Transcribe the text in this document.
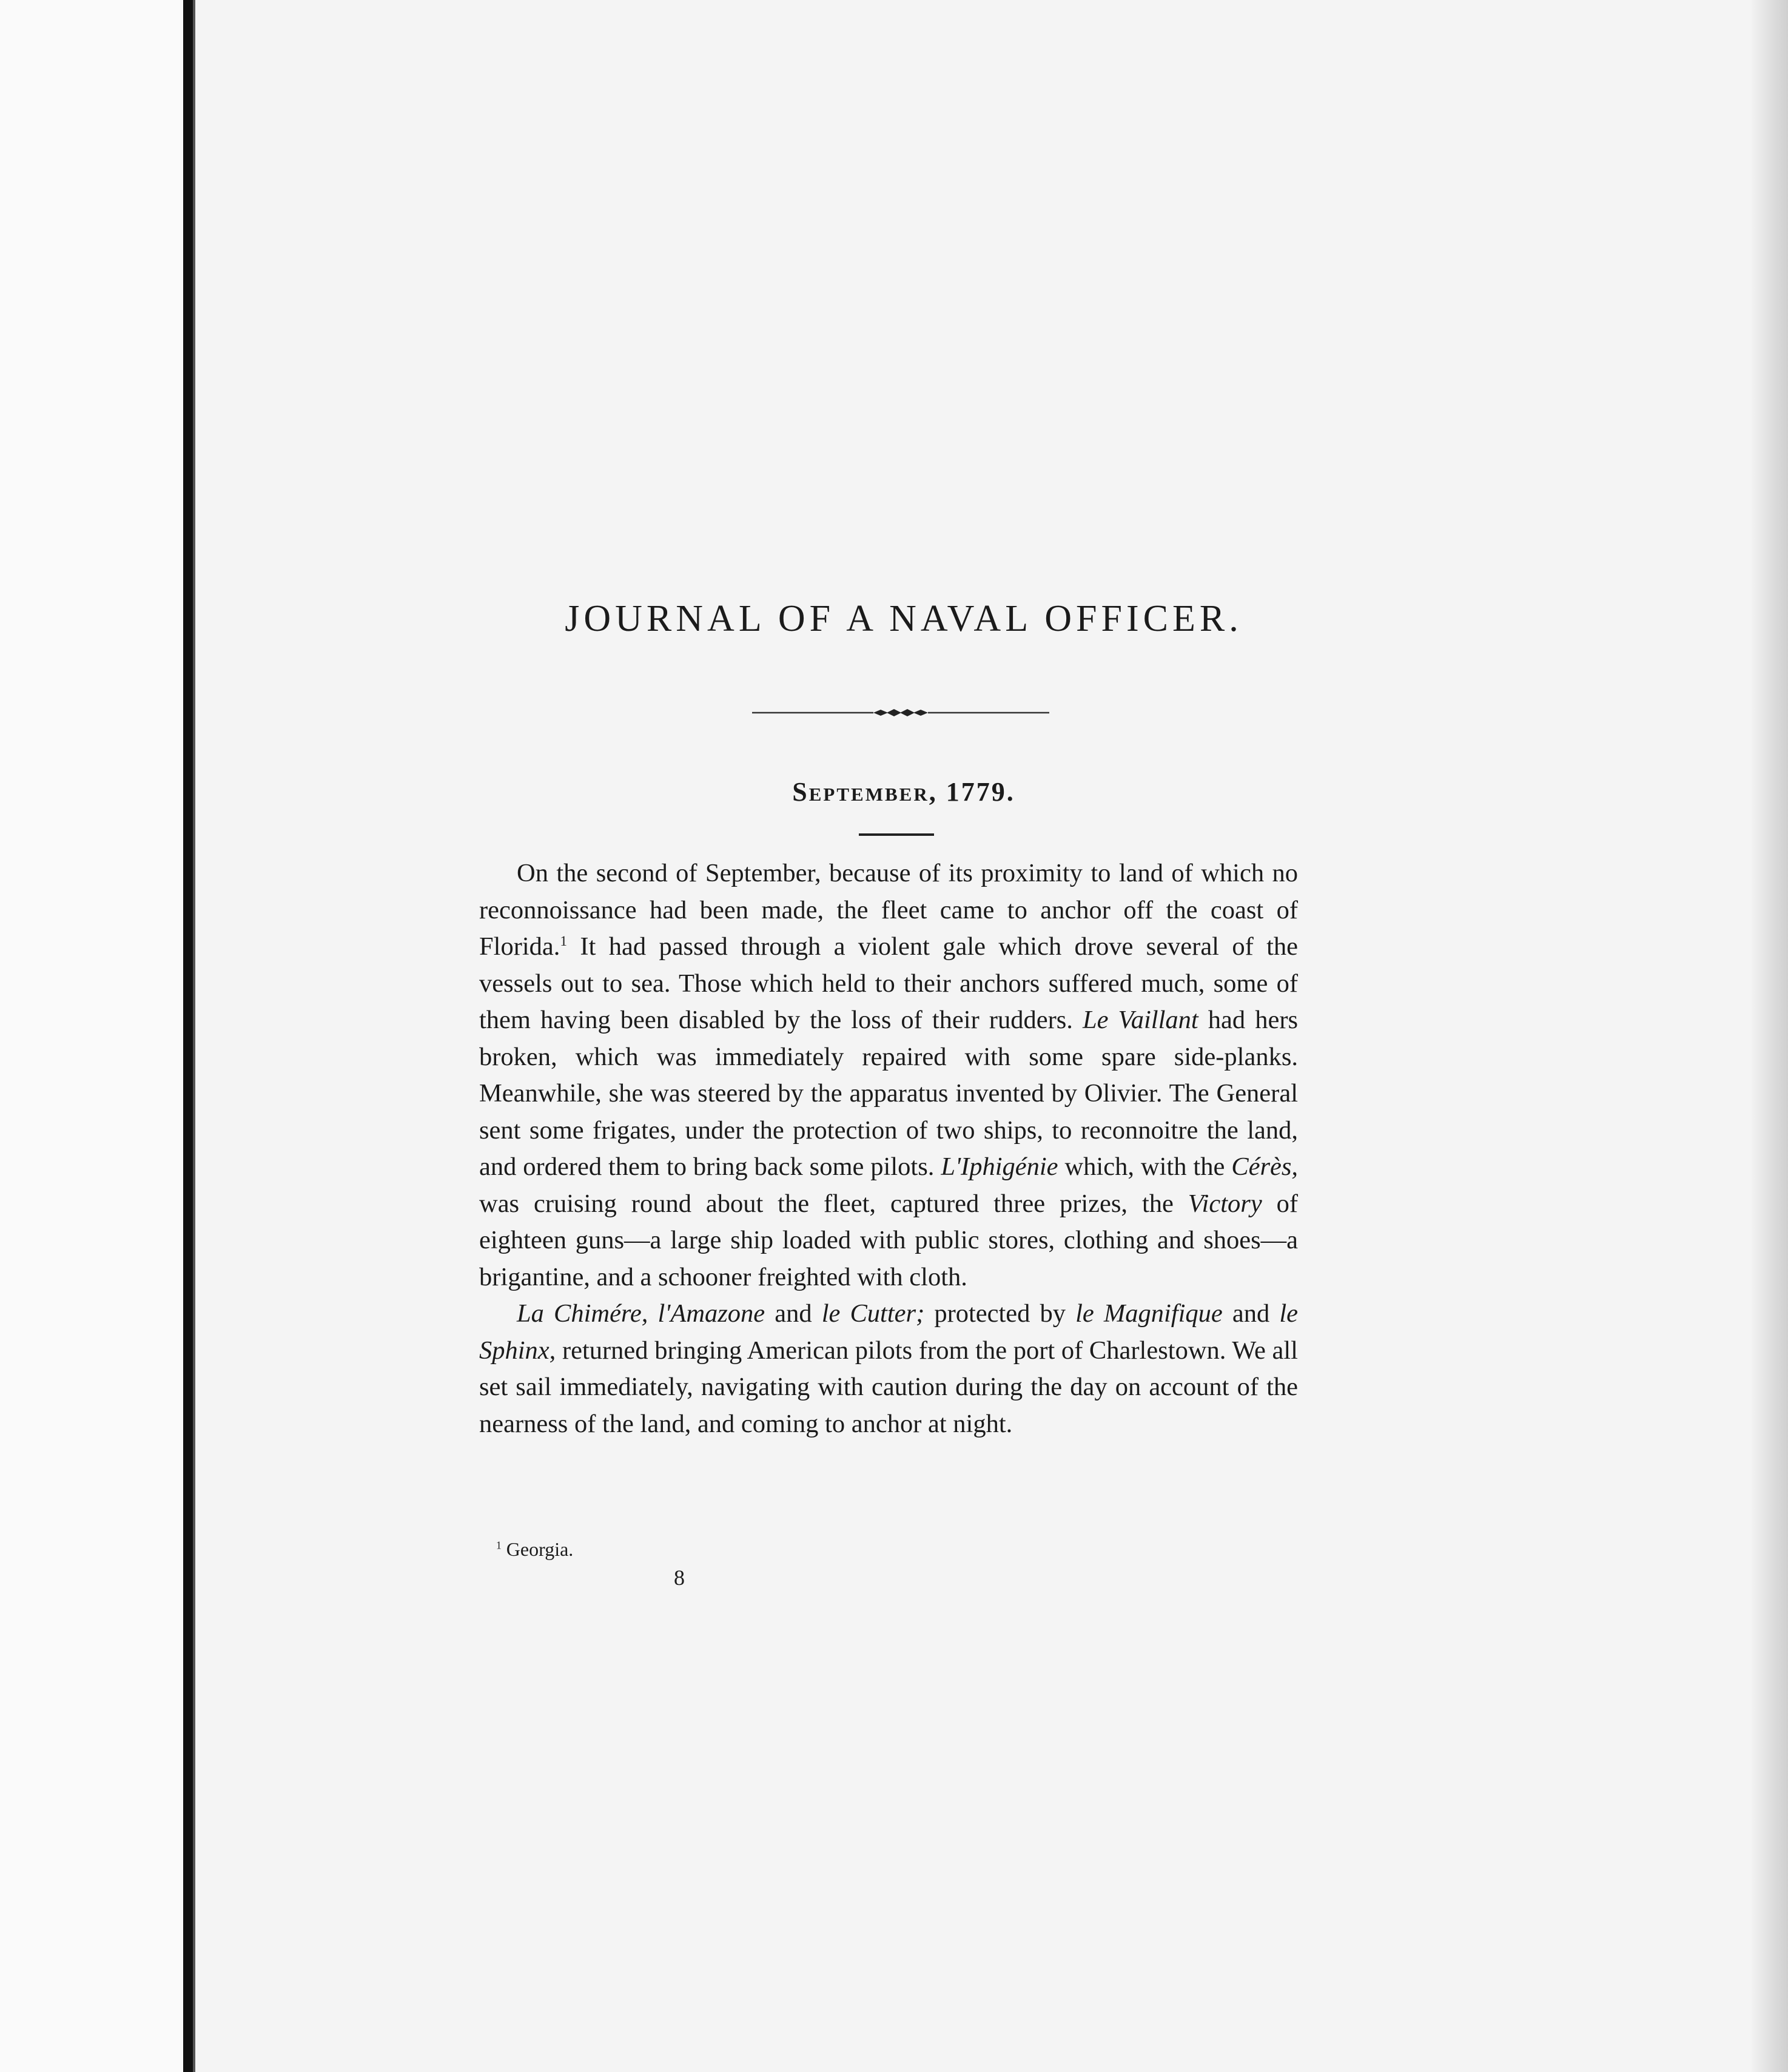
JOURNAL OF A NAVAL OFFICER.
September, 1779.

On the second of September, because of its proximity to land of which no reconnoissance had been made, the fleet came to anchor off the coast of Florida.$^1$ It had passed through a violent gale which drove several of the vessels out to sea. Those which held to their anchors suffered much, some of them having been disabled by the loss of their rudders. Le Vaillant had hers broken, which was immediately repaired with some spare side-planks. Meanwhile, she was steered by the apparatus invented by Olivier. The General sent some frigates, under the protection of two ships, to reconnoitre the land, and ordered them to bring back some pilots. L'Iphigénie which, with the Cérès, was cruising round about the fleet, captured three prizes, the Victory of eighteen guns—a large ship loaded with public stores, clothing and shoes—a brigantine, and a schooner freighted with cloth.

La Chimére, l'Amazone and le Cutter; protected by le Magnifique and le Sphinx, returned bringing American pilots from the port of Charlestown. We all set sail immediately, navigating with caution during the day on account of the nearness of the land, and coming to anchor at night.

$^1$ Georgia.
8
